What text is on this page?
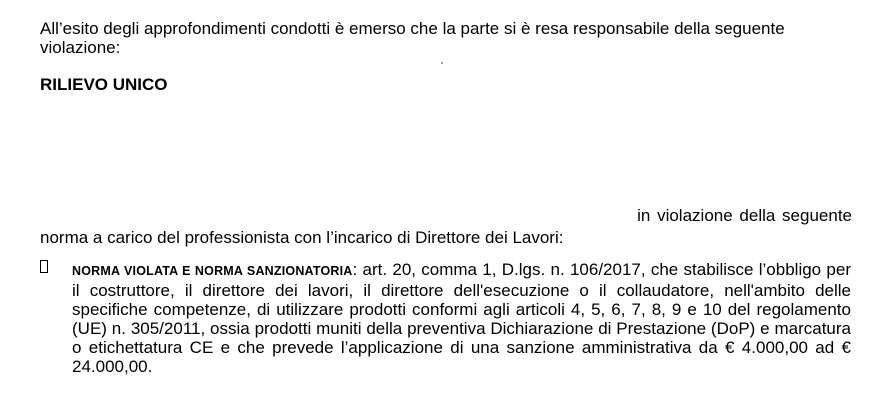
All’esito degli approfondimenti condotti è emerso che la parte si è resa responsabile della seguente violazione:

RILIEVO UNICO

in violazione della seguente
norma a carico del professionista con l’incarico di Direttore dei Lavori:
NORMA VIOLATA E NORMA SANZIONATORIA: art. 20, comma 1, D.lgs. n. 106/2017, che stabilisce l’obbligo per il costruttore, il direttore dei lavori, il direttore dell'esecuzione o il collaudatore, nell'ambito delle specifiche competenze, di utilizzare prodotti conformi agli articoli 4, 5, 6, 7, 8, 9 e 10 del regolamento (UE) n. 305/2011, ossia prodotti muniti della preventiva Dichiarazione di Prestazione (DoP) e marcatura o etichettatura CE e che prevede l’applicazione di una sanzione amministrativa da € 4.000,00 ad € 24.000,00.
